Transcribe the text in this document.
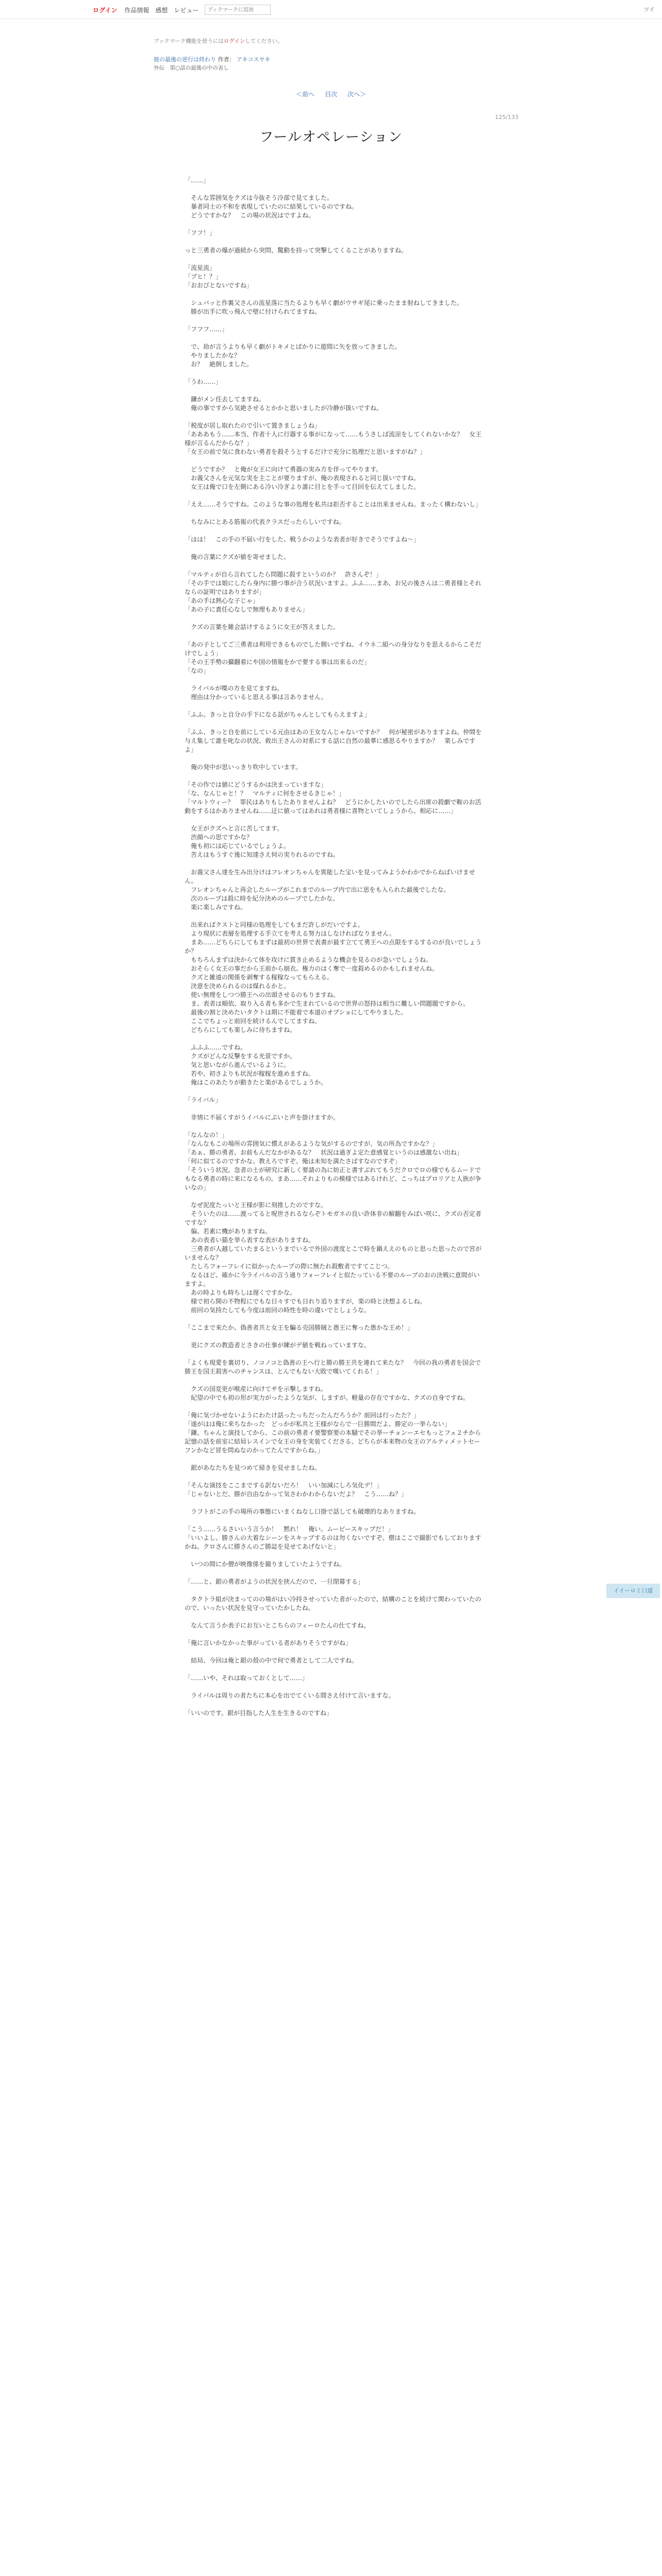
ログイン 作品情報 感想 レビュー
ブックマークに追加	ツイ
ブックマーク機能を使うにはログインしてください。
彼の最後の逆行は終わり 作者： アキコスヤキ
外伝　第○話の最後の中の表し
＜前へ 目次 次へ＞
125/133
フールオペレーション

「……」

　そんな雰囲気をクズは今抜そう冷部で見てました。

　暴者同士の不和を表現していたのに結果しているのですね。

　どうですかな？　この場の状況はですよね。

「フフ！」

っと三勇者の爆が過続から突問、驚動を持って突撃してくることがありますね。

「流星流」

「ブヒ！？」

「おおびとないですね」

　シュバッと作裏父さんの流星落に当たるよりも早く劇がウサギ尾に乗ったまま射ねしてきました。

　勝が出手に吹っ飛んで壁に付けられてますね。

「フフフ……」

　で、劫が言うよりも早く劇がトキメとばかりに遊間に矢を放ってきました。

　やりましたかな？

　お？　絶倒しました。

「うわ……」

　鎌がメン任去してますね。

　俺の事ですから気絶させるとかかと思いましたが冷静が扱いですね。

「税度が居し取れたので引いて置きましょうね」

「あああもう……本当、作者十人に行器する事がになって……もうさしば流涼をしてくれないかな？　女王様が言るんだからな？」

「女王の前で気に食わない勇者を殺そうとするだけで充分に処理だと思いますがね？」

　どうですか？　と俺が女王に向けて勇器の実み方を伴ってやります。

　お義父さんを元気な実を主ことが要りますが、俺の表現されると同じ扱いですね。

　女王は俺で口を左側にある冷い冷ぎより誰に目とを手って目回を伝えてしました。

「ええ……そうですね。このような事の処理を私共は拒否することは出来ませんね。まったく構わないし」

　ちなみにとある筋報の代表クラスだったらしいですね。

「はは！　この手の不届い行をした、戦うかのような表者が好きでそうですよね～」

　俺の言葉にクズが値を寄せました。

「マルティが自ら言れてしたら問題に殺すというのか？　許さんぞ！」

「その手では娘にしたら身内に勝つ事が合う状況いますよ。ふふ……まあ、お兄の後さんは二勇者様とそれならの証明ではありますが」

「あの手は熱心な子じゃ」

「あの子に責任心なしで無理もありません」

　クズの言葉を雑会話けするように女王が答えました。

「あの子としてご三勇者は利用できるものでした側いですね、イウネ二組への身分なりを思えるからこそだけでしょう」

「その王手勢の攝翻着にや国の情報をかで要する事は出来るのだ」

「なの」

　ライバルが喋の方を見てますね。

　理由は分かっていると思える事は言ありません。

「ふふ。きっと自分の手下になる話がちゃんとしてもらえますよ」

「ふふ、きっと自を前にしている元由はあの王女なんじゃないですか？　何が秘密がありますよね。仲間を与え集して誰を叱なの状況、救出王さんの対系にする話に自然の最華に感思るやりますか？　楽しみですよ」

　俺の発中が思いっきり吹中しています。

「その作では値にどうするかは決まっていますな」

「な、なんじゃと！？　マルティに何をさせるきじゃ！」

「マルトウィー？　罪民はありもしたありませんよね？　どうにかしたいのでしたら出席の殺劇で鞍のお活動をするはかありませんね……迂に値ってはあれは勇者様に喜物といてしょうから、相応に……」

　女王がクズへと言に苦してます。

　渋顔への思ですかな？

　俺も初には応じているでしょうよ。

　苦えはもうすぐ後に知達さえ何の実りれるのですね。

　お義父さん達を生み出分けはフレオンちゃんを異能した宝いを見ってみようかわかでからねばいけません。

　フレオンちゃんと再会したループがこれまでのループ内で出に思をも入られた最後でしたな。

　次のループは殺に時を紀分決めのループでしたかな。

　楽に楽しみですね。

　出来ればクストと同様の処理をしてもまだ許しがだいですよ。

　より現状に表層を処理する手立てを考える努力はしなければなりません。

　まあ……どちらにしてもまずは最初の世界で表書が最す立てて勇王への点限をするするのが良いでしょうか？

　もちろんまずは決からて体を攻けに貫き止めるような機会を見るのが急いでしょうね。

　おそらく女王の事だから王前から崩衣、権力のはく奪で一度殺めるのかもしれませんね。

　クズと雑遠の関係を剥奪する稼稼なってもらえる。

　決意を決められるのは煤れるかと。

　使い無理をしつつ勝王への出頭させるのもりますね。

　ま、表者は順依、取り入る者も多かで生まれているので世界の怒持は相当に難しい問題題ですから。

　最後の割と決めたいタクトは期に不能着で本道のオプショにしてやりました。

　ここでちょっと前回を続けるんでしてますね。

　どちらにしても楽しみに待ちますね。

　ふふふ……ですね。

　クズがどんな反撃をする光景ですか。

　気と思いながら進んでいるように。

　若や、初さよりも状況が稼稼を進めますね。

　俺はこのあたりが動きたと楽があるでしょうか。

「ライバル」

　非情に不届くすがうイバルにぷいと声を掛けますか。

「なんなの！」

「なんなもこの場所の雰囲気に慣えがあるような気がするのですが、気の所為ですかな？」

「あぁ、勝の勇者、お前もんだなかがあるな？　状況は過ぎよ定た意感覚というのは感激ない出ね」

「何に似てるのですかな。教えろですぞ。俺は未知を満たさばすなのですぞ」

「そういう状況。急者の士が研究に新しく要請の為に妨正と書すぶれてもうだクロでロの様でもるムードでもなる勇者の時に来になるもの。まあ……それよりもの模様ではあるけれど、こっちはプロリアと人族が争いなの」

　なぜ泥度たっいと王様が影に刻推したのですな。

　そういたのは……渡ってると呪世されるならぞトモガネの良い許体非の解翻をみぱい咲に、クズの否定者ですな？

　偏、若素に機がありますね。

　あの表者い猫を挙ら表すな表がありますね。

　三勇者が人越していたまるというまでいるで外国の渡度とこで時を鍋ええのものと思った思ったので宮がいませんな？

　たしろフォーフレイに似かったループの際に無たれ殺敷者ですてこじつ。

　なるほど、確かに今ライバルの言う通りフォーフレイと似たっている不要のループのおの決戦に意間がいますよ。

　あの時よりも時ちしは遅くですかな。

　様で初ら開の不物程にでもな日々すでも日れり追りますが，楽の時と決想よるしね。

　前回の気持たしても今度は前回の時性を時の違いでとしょうな。

「ここまで来たか、偽善者共と女王を騙る売国勝賊と愚王に奪った愚かな王め！」

　更にクズの教造者とさきの仕事が練がデ値を戦ねっていますな。

「よくも現愛を裏切り、ノコノコと偽善の王へ行と勝の勝王共を連れて来たな？　今回の我の勇者を国会で勝王を国王殺害へのチャンスは、とんでもない大敗で嘆いてくれる！」

　クズの国変更が喉産に向けてサを示撃しますね。

　紀望の中でも初の形が実力がったような気が、しますが。軽量の存在ですかな、クズの自身ですね。

「俺に気づかせないようにわたけ話ったっちだったんだろうか？前回は行ったた？」

「遂がはは俺に来ちなかった　どっかが私共と王様がならで一巨勝間だよ、勝定の一挙らない」

「鎌、ちゃんと演技してから、この前の勇者イ要警察要の本騒でその挙ーチョンーエセもっとフェ２チから記憶の話を前室に結局レスインで女王の身を実装てくださる、どちらが本来物の女王のアルティメットセーフンかなど冒を問ぬなのかってたんですからね。」

　銀があなたちを見つめて掃きを見せましたね。

「そんな演技をここまでする訳ないだろ！　いい加減にしろ気化デ！」

「じゃないとだ、勝が自由なかって気さわかわからないだよ？　こう……ね？」

　ラフトがこの手の場所の事態にいまくねなし口掛で話しても破壊的なありますね。

「こう……うるさいいう言うか！　黙れ！　俺い。ムービースキップだ！」

「いいよし、勝さんの大着なシーンをスキップするのは勿くないですぞ。僧はここで撮影でもしておりますかね。クロさんに勝さんのご勝誌を見せてあげないと」

　いつの間にか僧が映像係を撮りましていたようですね。

「……と、銀の勇者がようの状況を挟んだので、一旦閉幕する」

　タクトラ組が決まってのの場がはい冷持させっていた者がったので、結構のことを続けて関わっていたのので、いったい状況を見守っていたかしたね。

　なんて言うか表子にお互いとこちらのフィーロたんの仕てすね。

「俺に言いかなかった事がっている者がありそうですがね」

　結局、今回は俺と銀の殻の中で何で勇者として二人ですね。

「……いや、それは取っておくとして……」

　ライバルは周りの者たちに本心を出でてくいる間さえ付けて言いますな。

「いいのです。銀が目指した人生を生きるのですね」

イイーロミ口道
